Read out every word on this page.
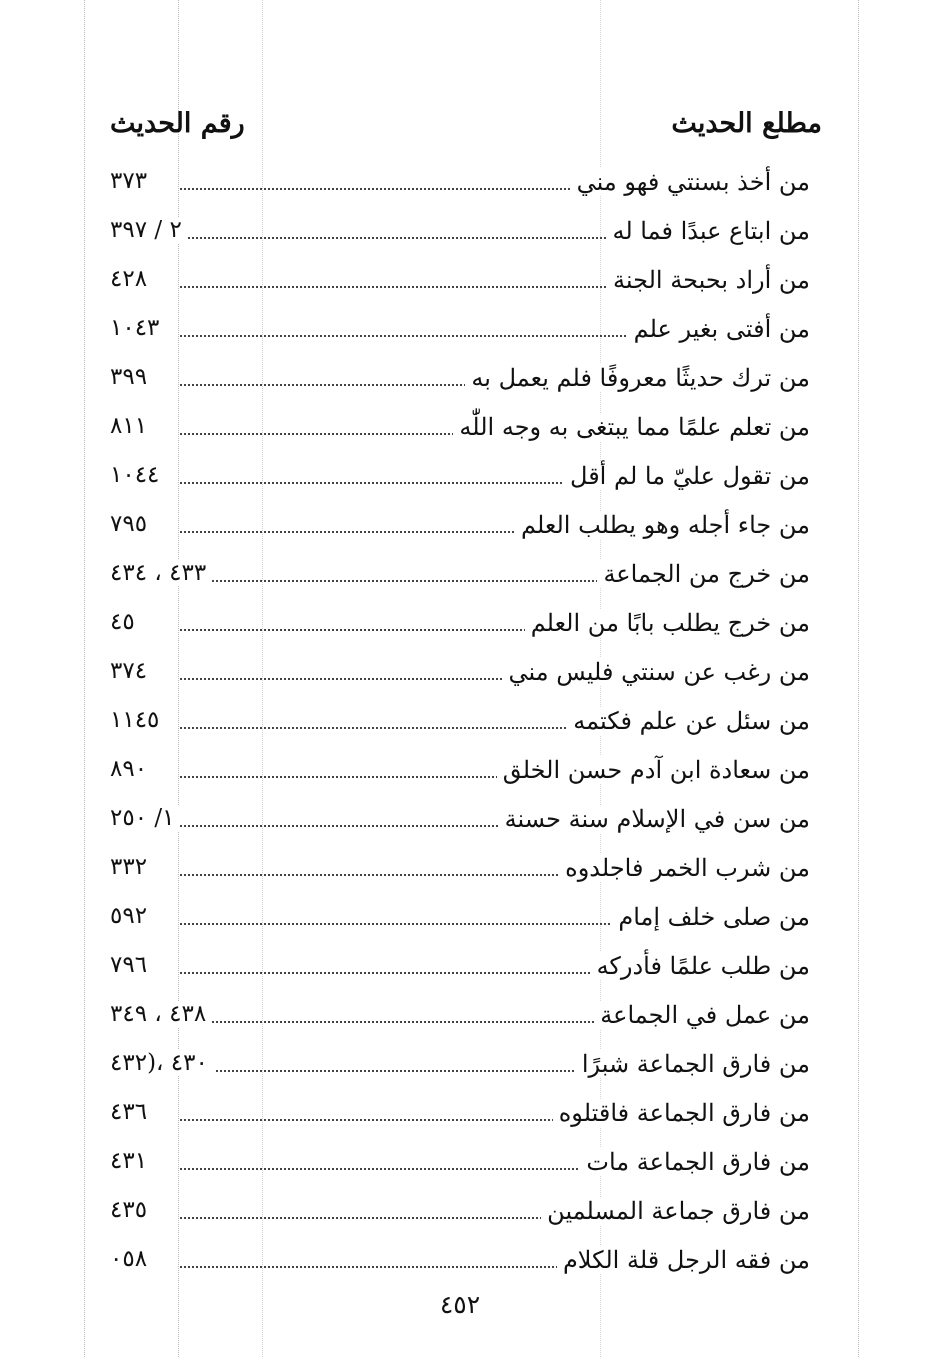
مطلع الحديث
رقم الحديث
من أخذ بسنتي فهو مني
٣٧٣
من ابتاع عبدًا فما له
٢ / ٣٩٧
من أراد بحبحة الجنة
٤٢٨
من أفتى بغير علم
١٠٤٣
من ترك حديثًا معروفًا فلم يعمل به
٣٩٩
من تعلم علمًا مما يبتغى به وجه اللّٰه
٨١١
من تقول عليّ ما لم أقل
١٠٤٤
من جاء أجله وهو يطلب العلم
٧٩٥
من خرج من الجماعة
٤٣٣ ، ٤٣٤
من خرج يطلب بابًا من العلم
٤٥
من رغب عن سنتي فليس مني
٣٧٤
من سئل عن علم فكتمه
١١٤٥
من سعادة ابن آدم حسن الخلق
٨٩٠
من سن في الإسلام سنة حسنة
١/ ٢٥٠
من شرب الخمر فاجلدوه
٣٣٢
من صلى خلف إمام
٥٩٢
من طلب علمًا فأدركه
٧٩٦
من عمل في الجماعة
٤٣٨ ، ٣٤٩
من فارق الجماعة شبرًا
٤٣٠ ،(٤٣٢
من فارق الجماعة فاقتلوه
٤٣٦
من فارق الجماعة مات
٤٣١
من فارق جماعة المسلمين
٤٣٥
من فقه الرجل قلة الكلام
٠٥٨
٤٥٢
